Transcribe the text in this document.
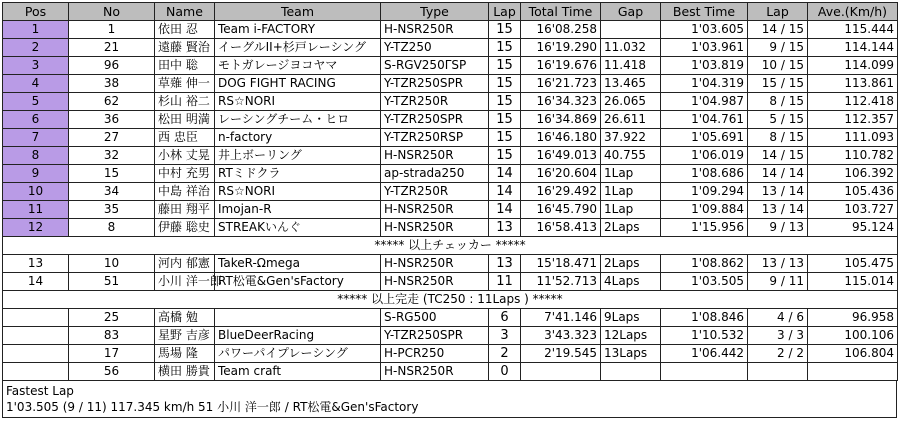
Pos	No	Name	Team	Type	Lap	Total Time	Gap	Best Time	Lap	Ave.(Km/h)
1	1	依田 忍	Team i-FACTORY	H-NSR250R	15	16'08.258		1'03.605	14 / 15	115.444
2	21	遠藤 賢治	イーグルII+杉戸レーシング	Y-TZ250	15	16'19.290	11.032	1'03.961	9 / 15	114.144
3	96	田中 聡	モトガレージヨコヤマ	S-RGV250ΓSP	15	16'19.676	11.418	1'03.819	10 / 15	114.099
4	38	草薙 伸一	DOG FIGHT RACING	Y-TZR250SPR	15	16'21.723	13.465	1'04.319	15 / 15	113.861
5	62	杉山 裕二	RS☆NORI	Y-TZR250R	15	16'34.323	26.065	1'04.987	8 / 15	112.418
6	36	松田 明満	レーシングチーム・ヒロ	Y-TZR250SPR	15	16'34.869	26.611	1'04.761	5 / 15	112.357
7	27	西 忠臣	n-factory	Y-TZR250RSP	15	16'46.180	37.922	1'05.691	8 / 15	111.093
8	32	小林 丈晃	井上ボーリング	H-NSR250R	15	16'49.013	40.755	1'06.019	14 / 15	110.782
9	15	中村 充男	RTミドクラ	ap-strada250	14	16'20.604	1Lap	1'08.686	14 / 14	106.392
10	34	中島 祥治	RS☆NORI	Y-TZR250R	14	16'29.492	1Lap	1'09.294	13 / 14	105.436
11	35	藤田 翔平	Imojan-R	H-NSR250R	14	16'45.790	1Lap	1'09.884	13 / 14	103.727
12	8	伊藤 聡史	STREAKいんぐ	H-NSR250R	13	16'58.413	2Laps	1'15.956	9 / 13	95.124
***** 以上チェッカー *****										
13	10	河内 郁憲	TakeR-Ωmega	H-NSR250R	13	15'18.471	2Laps	1'08.862	13 / 13	105.475
14	51	小川 洋一郎	RT松電&Gen'sFactory	H-NSR250R	11	11'52.713	4Laps	1'03.505	9 / 11	115.014
***** 以上完走 (TC250 : 11Laps ) *****										
	25	高橋 勉		S-RG500	6	7'41.146	9Laps	1'08.846	4 / 6	96.958
	83	星野 吉彦	BlueDeerRacing	Y-TZR250SPR	3	3'43.323	12Laps	1'10.532	3 / 3	100.106
	17	馬場 隆	パワーパイプレーシング	H-PCR250	2	2'19.545	13Laps	1'06.442	2 / 2	106.804
	56	横田 勝貴	Team craft	H-NSR250R	0					
Fastest Lap
1'03.505 (9 / 11) 117.345 km/h 51 小川 洋一郎 / RT松電&Gen'sFactory
